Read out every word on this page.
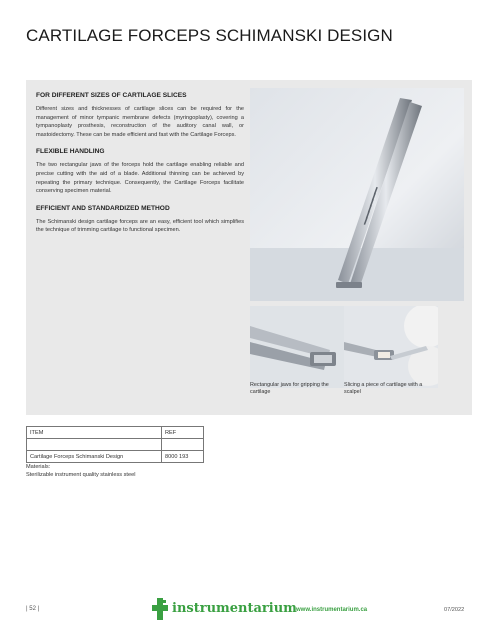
CARTILAGE FORCEPS SCHIMANSKI DESIGN
FOR DIFFERENT SIZES OF CARTILAGE SLICES
Different sizes and thicknesses of cartilage slices can be required for the management of minor tympanic membrane defects (myringoplasty), covering a tympanoplasty prosthesis, reconstruction of the auditory canal wall, or mastoidectomy. These can be made efficient and fast with the Cartilage Forceps.
FLEXIBLE HANDLING
The two rectangular jaws of the forceps hold the cartilage enabling reliable and precise cutting with the aid of a blade. Additional thinning can be achieved by repeating the primary technique. Consequently, the Cartilage Forceps facilitate conserving specimen material.
EFFICIENT AND STANDARDIZED METHOD
The Schimanski design cartilage forceps are an easy, efficient tool which simplifies the technique of trimming cartilage to functional specimen.
Rectangular jaws for gripping the cartilage
Slicing a piece of cartilage with a scalpel
ITEM	REF

Cartilage Forceps Schimanski Design	8000 193
Materials:
Sterilizable instrument quality stainless steel
| 52 |	instrumentarium www.instrumentarium.ca	07/2022
